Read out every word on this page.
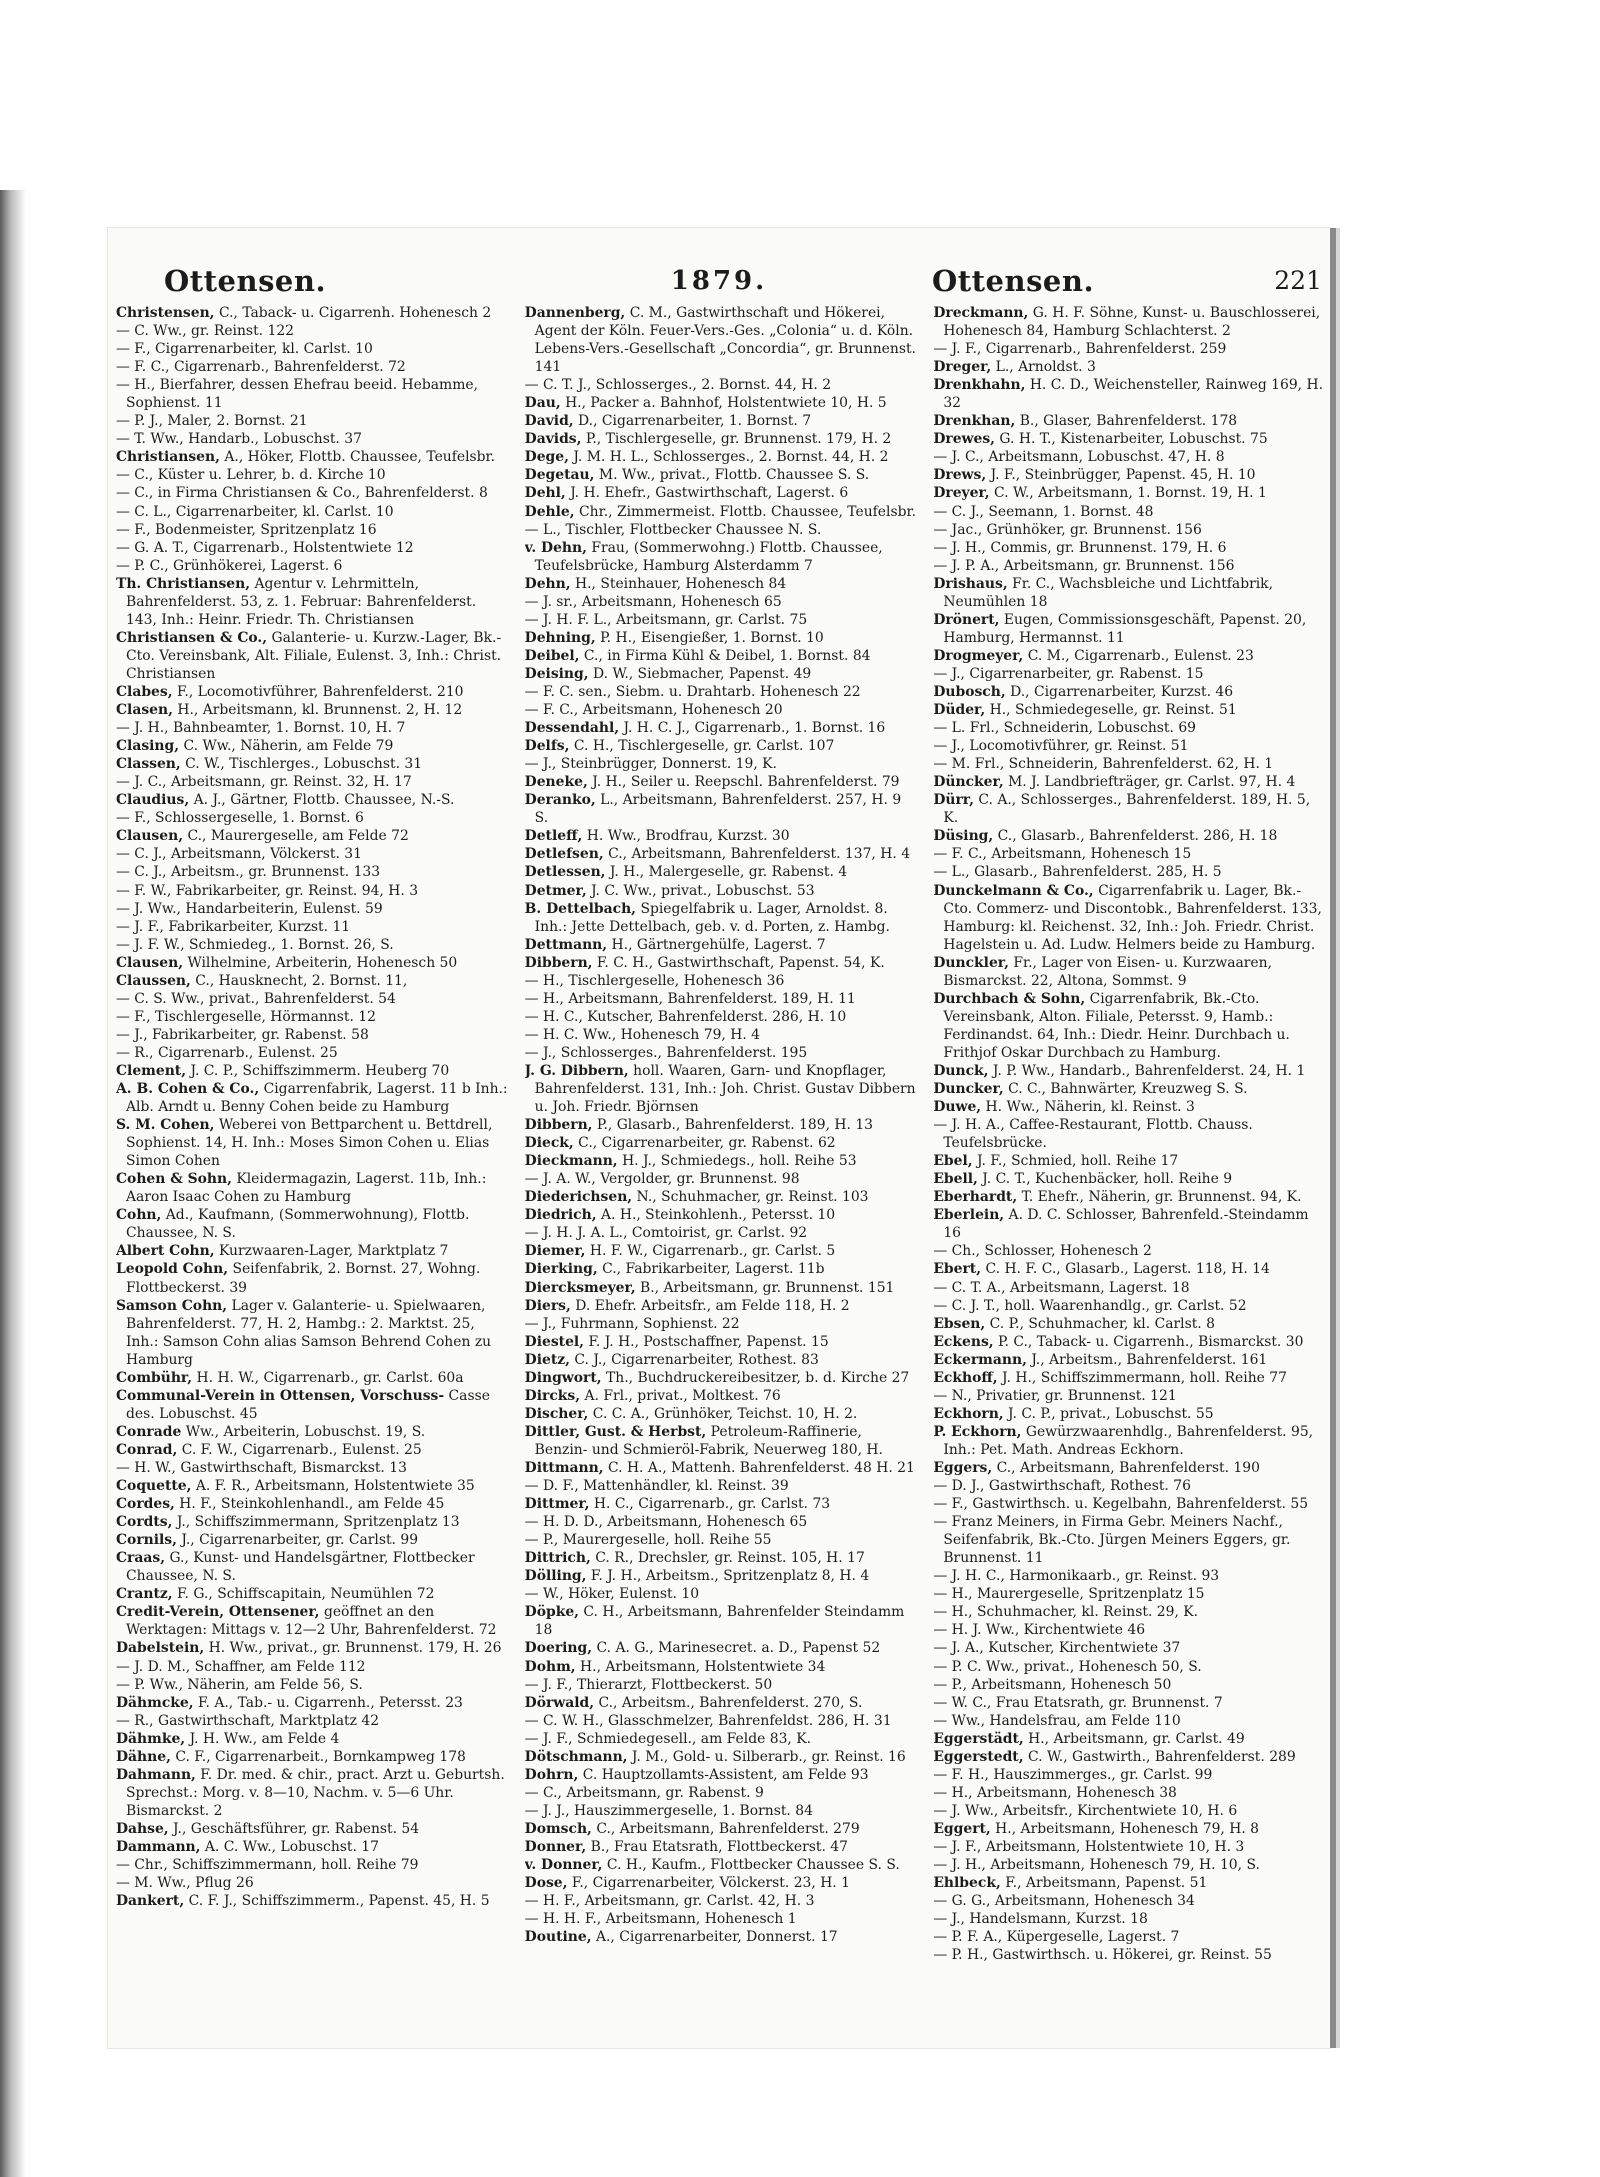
Ottensen.	1879.	Ottensen.	221

Christensen, C., Taback- u. Cigarrenh. Hohenesch 2

— C. Ww., gr. Reinst. 122

— F., Cigarrenarbeiter, kl. Carlst. 10

— F. C., Cigarrenarb., Bahrenfelderst. 72

— H., Bierfahrer, dessen Ehefrau beeid. Hebamme, Sophienst. 11

— P. J., Maler, 2. Bornst. 21

— T. Ww., Handarb., Lobuschst. 37

Christiansen, A., Höker, Flottb. Chaussee, Teufelsbr.

— C., Küster u. Lehrer, b. d. Kirche 10

— C., in Firma Christiansen & Co., Bahrenfelderst. 8

— C. L., Cigarrenarbeiter, kl. Carlst. 10

— F., Bodenmeister, Spritzenplatz 16

— G. A. T., Cigarrenarb., Holstentwiete 12

— P. C., Grünhökerei, Lagerst. 6

Th. Christiansen, Agentur v. Lehrmitteln, Bahrenfelderst. 53, z. 1. Februar: Bahrenfelderst. 143, Inh.: Heinr. Friedr. Th. Christiansen

Christiansen & Co., Galanterie- u. Kurzw.-Lager, Bk.-Cto. Vereinsbank, Alt. Filiale, Eulenst. 3, Inh.: Christ. Christiansen

Clabes, F., Locomotivführer, Bahrenfelderst. 210

Clasen, H., Arbeitsmann, kl. Brunnenst. 2, H. 12

— J. H., Bahnbeamter, 1. Bornst. 10, H. 7

Clasing, C. Ww., Näherin, am Felde 79

Classen, C. W., Tischlerges., Lobuschst. 31

— J. C., Arbeitsmann, gr. Reinst. 32, H. 17

Claudius, A. J., Gärtner, Flottb. Chaussee, N.-S.

— F., Schlossergeselle, 1. Bornst. 6

Clausen, C., Maurergeselle, am Felde 72

— C. J., Arbeitsmann, Völckerst. 31

— C. J., Arbeitsm., gr. Brunnenst. 133

— F. W., Fabrikarbeiter, gr. Reinst. 94, H. 3

— J. Ww., Handarbeiterin, Eulenst. 59

— J. F., Fabrikarbeiter, Kurzst. 11

— J. F. W., Schmiedeg., 1. Bornst. 26, S.

Clausen, Wilhelmine, Arbeiterin, Hohenesch 50

Claussen, C., Hausknecht, 2. Bornst. 11,

— C. S. Ww., privat., Bahrenfelderst. 54

— F., Tischlergeselle, Hörmannst. 12

— J., Fabrikarbeiter, gr. Rabenst. 58

— R., Cigarrenarb., Eulenst. 25

Clement, J. C. P., Schiffszimmerm. Heuberg 70

A. B. Cohen & Co., Cigarrenfabrik, Lagerst. 11 b Inh.: Alb. Arndt u. Benny Cohen beide zu Hamburg

S. M. Cohen, Weberei von Bettparchent u. Bettdrell, Sophienst. 14, H. Inh.: Moses Simon Cohen u. Elias Simon Cohen

Cohen & Sohn, Kleidermagazin, Lagerst. 11b, Inh.: Aaron Isaac Cohen zu Hamburg

Cohn, Ad., Kaufmann, (Sommerwohnung), Flottb. Chaussee, N. S.

Albert Cohn, Kurzwaaren-Lager, Marktplatz 7

Leopold Cohn, Seifenfabrik, 2. Bornst. 27, Wohng. Flottbeckerst. 39

Samson Cohn, Lager v. Galanterie- u. Spielwaaren, Bahrenfelderst. 77, H. 2, Hambg.: 2. Marktst. 25, Inh.: Samson Cohn alias Samson Behrend Cohen zu Hamburg

Combühr, H. H. W., Cigarrenarb., gr. Carlst. 60a

Communal-Verein in Ottensen, Vorschuss- Casse des. Lobuschst. 45

Conrade Ww., Arbeiterin, Lobuschst. 19, S.

Conrad, C. F. W., Cigarrenarb., Eulenst. 25

— H. W., Gastwirthschaft, Bismarckst. 13

Coquette, A. F. R., Arbeitsmann, Holstentwiete 35

Cordes, H. F., Steinkohlenhandl., am Felde 45

Cordts, J., Schiffszimmermann, Spritzenplatz 13

Cornils, J., Cigarrenarbeiter, gr. Carlst. 99

Craas, G., Kunst- und Handelsgärtner, Flottbecker Chaussee, N. S.

Crantz, F. G., Schiffscapitain, Neumühlen 72

Credit-Verein, Ottensener, geöffnet an den Werktagen: Mittags v. 12—2 Uhr, Bahrenfelderst. 72

Dabelstein, H. Ww., privat., gr. Brunnenst. 179, H. 26

— J. D. M., Schaffner, am Felde 112

— P. Ww., Näherin, am Felde 56, S.

Dähmcke, F. A., Tab.- u. Cigarrenh., Petersst. 23

— R., Gastwirthschaft, Marktplatz 42

Dähmke, J. H. Ww., am Felde 4

Dähne, C. F., Cigarrenarbeit., Bornkampweg 178

Dahmann, F. Dr. med. & chir., pract. Arzt u. Geburtsh. Sprechst.: Morg. v. 8—10, Nachm. v. 5—6 Uhr. Bismarckst. 2

Dahse, J., Geschäftsführer, gr. Rabenst. 54

Dammann, A. C. Ww., Lobuschst. 17

— Chr., Schiffszimmermann, holl. Reihe 79

— M. Ww., Pflug 26

Dankert, C. F. J., Schiffszimmerm., Papenst. 45, H. 5

Dannenberg, C. M., Gastwirthschaft und Hökerei, Agent der Köln. Feuer-Vers.-Ges. „Colonia“ u. d. Köln. Lebens-Vers.-Gesellschaft „Concordia“, gr. Brunnenst. 141

— C. T. J., Schlosserges., 2. Bornst. 44, H. 2

Dau, H., Packer a. Bahnhof, Holstentwiete 10, H. 5

David, D., Cigarrenarbeiter, 1. Bornst. 7

Davids, P., Tischlergeselle, gr. Brunnenst. 179, H. 2

Dege, J. M. H. L., Schlosserges., 2. Bornst. 44, H. 2

Degetau, M. Ww., privat., Flottb. Chaussee S. S.

Dehl, J. H. Ehefr., Gastwirthschaft, Lagerst. 6

Dehle, Chr., Zimmermeist. Flottb. Chaussee, Teufelsbr.

— L., Tischler, Flottbecker Chaussee N. S.

v. Dehn, Frau, (Sommerwohng.) Flottb. Chaussee, Teufelsbrücke, Hamburg Alsterdamm 7

Dehn, H., Steinhauer, Hohenesch 84

— J. sr., Arbeitsmann, Hohenesch 65

— J. H. F. L., Arbeitsmann, gr. Carlst. 75

Dehning, P. H., Eisengießer, 1. Bornst. 10

Deibel, C., in Firma Kühl & Deibel, 1. Bornst. 84

Deising, D. W., Siebmacher, Papenst. 49

— F. C. sen., Siebm. u. Drahtarb. Hohenesch 22

— F. C., Arbeitsmann, Hohenesch 20

Dessendahl, J. H. C. J., Cigarrenarb., 1. Bornst. 16

Delfs, C. H., Tischlergeselle, gr. Carlst. 107

— J., Steinbrügger, Donnerst. 19, K.

Deneke, J. H., Seiler u. Reepschl. Bahrenfelderst. 79

Deranko, L., Arbeitsmann, Bahrenfelderst. 257, H. 9 S.

Detleff, H. Ww., Brodfrau, Kurzst. 30

Detlefsen, C., Arbeitsmann, Bahrenfelderst. 137, H. 4

Detlessen, J. H., Malergeselle, gr. Rabenst. 4

Detmer, J. C. Ww., privat., Lobuschst. 53

B. Dettelbach, Spiegelfabrik u. Lager, Arnoldst. 8. Inh.: Jette Dettelbach, geb. v. d. Porten, z. Hambg.

Dettmann, H., Gärtnergehülfe, Lagerst. 7

Dibbern, F. C. H., Gastwirthschaft, Papenst. 54, K.

— H., Tischlergeselle, Hohenesch 36

— H., Arbeitsmann, Bahrenfelderst. 189, H. 11

— H. C., Kutscher, Bahrenfelderst. 286, H. 10

— H. C. Ww., Hohenesch 79, H. 4

— J., Schlosserges., Bahrenfelderst. 195

J. G. Dibbern, holl. Waaren, Garn- und Knopflager, Bahrenfelderst. 131, Inh.: Joh. Christ. Gustav Dibbern u. Joh. Friedr. Björnsen

Dibbern, P., Glasarb., Bahrenfelderst. 189, H. 13

Dieck, C., Cigarrenarbeiter, gr. Rabenst. 62

Dieckmann, H. J., Schmiedegs., holl. Reihe 53

— J. A. W., Vergolder, gr. Brunnenst. 98

Diederichsen, N., Schuhmacher, gr. Reinst. 103

Diedrich, A. H., Steinkohlenh., Petersst. 10

— J. H. J. A. L., Comtoirist, gr. Carlst. 92

Diemer, H. F. W., Cigarrenarb., gr. Carlst. 5

Dierking, C., Fabrikarbeiter, Lagerst. 11b

Diercksmeyer, B., Arbeitsmann, gr. Brunnenst. 151

Diers, D. Ehefr. Arbeitsfr., am Felde 118, H. 2

— J., Fuhrmann, Sophienst. 22

Diestel, F. J. H., Postschaffner, Papenst. 15

Dietz, C. J., Cigarrenarbeiter, Rothest. 83

Dingwort, Th., Buchdruckereibesitzer, b. d. Kirche 27

Dircks, A. Frl., privat., Moltkest. 76

Discher, C. C. A., Grünhöker, Teichst. 10, H. 2.

Dittler, Gust. & Herbst, Petroleum-Raffinerie, Benzin- und Schmieröl-Fabrik, Neuerweg 180, H.

Dittmann, C. H. A., Mattenh. Bahrenfelderst. 48 H. 21

— D. F., Mattenhändler, kl. Reinst. 39

Dittmer, H. C., Cigarrenarb., gr. Carlst. 73

— H. D. D., Arbeitsmann, Hohenesch 65

— P., Maurergeselle, holl. Reihe 55

Dittrich, C. R., Drechsler, gr. Reinst. 105, H. 17

Dölling, F. J. H., Arbeitsm., Spritzenplatz 8, H. 4

— W., Höker, Eulenst. 10

Döpke, C. H., Arbeitsmann, Bahrenfelder Steindamm 18

Doering, C. A. G., Marinesecret. a. D., Papenst 52

Dohm, H., Arbeitsmann, Holstentwiete 34

— J. F., Thierarzt, Flottbeckerst. 50

Dörwald, C., Arbeitsm., Bahrenfelderst. 270, S.

— C. W. H., Glasschmelzer, Bahrenfeldst. 286, H. 31

— J. F., Schmiedegesell., am Felde 83, K.

Dötschmann, J. M., Gold- u. Silberarb., gr. Reinst. 16

Dohrn, C. Hauptzollamts-Assistent, am Felde 93

— C., Arbeitsmann, gr. Rabenst. 9

— J. J., Hauszimmergeselle, 1. Bornst. 84

Domsch, C., Arbeitsmann, Bahrenfelderst. 279

Donner, B., Frau Etatsrath, Flottbeckerst. 47

v. Donner, C. H., Kaufm., Flottbecker Chaussee S. S.

Dose, F., Cigarrenarbeiter, Völckerst. 23, H. 1

— H. F., Arbeitsmann, gr. Carlst. 42, H. 3

— H. H. F., Arbeitsmann, Hohenesch 1

Doutine, A., Cigarrenarbeiter, Donnerst. 17

Dreckmann, G. H. F. Söhne, Kunst- u. Bauschlosserei, Hohenesch 84, Hamburg Schlachterst. 2

— J. F., Cigarrenarb., Bahrenfelderst. 259

Dreger, L., Arnoldst. 3

Drenkhahn, H. C. D., Weichensteller, Rainweg 169, H. 32

Drenkhan, B., Glaser, Bahrenfelderst. 178

Drewes, G. H. T., Kistenarbeiter, Lobuschst. 75

— J. C., Arbeitsmann, Lobuschst. 47, H. 8

Drews, J. F., Steinbrügger, Papenst. 45, H. 10

Dreyer, C. W., Arbeitsmann, 1. Bornst. 19, H. 1

— C. J., Seemann, 1. Bornst. 48

— Jac., Grünhöker, gr. Brunnenst. 156

— J. H., Commis, gr. Brunnenst. 179, H. 6

— J. P. A., Arbeitsmann, gr. Brunnenst. 156

Drishaus, Fr. C., Wachsbleiche und Lichtfabrik, Neumühlen 18

Drönert, Eugen, Commissionsgeschäft, Papenst. 20, Hamburg, Hermannst. 11

Drogmeyer, C. M., Cigarrenarb., Eulenst. 23

— J., Cigarrenarbeiter, gr. Rabenst. 15

Dubosch, D., Cigarrenarbeiter, Kurzst. 46

Düder, H., Schmiedegeselle, gr. Reinst. 51

— L. Frl., Schneiderin, Lobuschst. 69

— J., Locomotivführer, gr. Reinst. 51

— M. Frl., Schneiderin, Bahrenfelderst. 62, H. 1

Düncker, M. J. Landbriefträger, gr. Carlst. 97, H. 4

Dürr, C. A., Schlosserges., Bahrenfelderst. 189, H. 5, K.

Düsing, C., Glasarb., Bahrenfelderst. 286, H. 18

— F. C., Arbeitsmann, Hohenesch 15

— L., Glasarb., Bahrenfelderst. 285, H. 5

Dunckelmann & Co., Cigarrenfabrik u. Lager, Bk.-Cto. Commerz- und Discontobk., Bahrenfelderst. 133, Hamburg: kl. Reichenst. 32, Inh.: Joh. Friedr. Christ. Hagelstein u. Ad. Ludw. Helmers beide zu Hamburg.

Dunckler, Fr., Lager von Eisen- u. Kurzwaaren, Bismarckst. 22, Altona, Sommst. 9

Durchbach & Sohn, Cigarrenfabrik, Bk.-Cto. Vereinsbank, Alton. Filiale, Petersst. 9, Hamb.: Ferdinandst. 64, Inh.: Diedr. Heinr. Durchbach u. Frithjof Oskar Durchbach zu Hamburg.

Dunck, J. P. Ww., Handarb., Bahrenfelderst. 24, H. 1

Duncker, C. C., Bahnwärter, Kreuzweg S. S.

Duwe, H. Ww., Näherin, kl. Reinst. 3

— J. H. A., Caffee-Restaurant, Flottb. Chauss. Teufelsbrücke.

Ebel, J. F., Schmied, holl. Reihe 17

Ebell, J. C. T., Kuchenbäcker, holl. Reihe 9

Eberhardt, T. Ehefr., Näherin, gr. Brunnenst. 94, K.

Eberlein, A. D. C. Schlosser, Bahrenfeld.-Steindamm 16

— Ch., Schlosser, Hohenesch 2

Ebert, C. H. F. C., Glasarb., Lagerst. 118, H. 14

— C. T. A., Arbeitsmann, Lagerst. 18

— C. J. T., holl. Waarenhandlg., gr. Carlst. 52

Ebsen, C. P., Schuhmacher, kl. Carlst. 8

Eckens, P. C., Taback- u. Cigarrenh., Bismarckst. 30

Eckermann, J., Arbeitsm., Bahrenfelderst. 161

Eckhoff, J. H., Schiffszimmermann, holl. Reihe 77

— N., Privatier, gr. Brunnenst. 121

Eckhorn, J. C. P., privat., Lobuschst. 55

P. Eckhorn, Gewürzwaarenhdlg., Bahrenfelderst. 95, Inh.: Pet. Math. Andreas Eckhorn.

Eggers, C., Arbeitsmann, Bahrenfelderst. 190

— D. J., Gastwirthschaft, Rothest. 76

— F., Gastwirthsch. u. Kegelbahn, Bahrenfelderst. 55

— Franz Meiners, in Firma Gebr. Meiners Nachf., Seifenfabrik, Bk.-Cto. Jürgen Meiners Eggers, gr. Brunnenst. 11

— J. H. C., Harmonikaarb., gr. Reinst. 93

— H., Maurergeselle, Spritzenplatz 15

— H., Schuhmacher, kl. Reinst. 29, K.

— H. J. Ww., Kirchentwiete 46

— J. A., Kutscher, Kirchentwiete 37

— P. C. Ww., privat., Hohenesch 50, S.

— P., Arbeitsmann, Hohenesch 50

— W. C., Frau Etatsrath, gr. Brunnenst. 7

— Ww., Handelsfrau, am Felde 110

Eggerstädt, H., Arbeitsmann, gr. Carlst. 49

Eggerstedt, C. W., Gastwirth., Bahrenfelderst. 289

— F. H., Hauszimmerges., gr. Carlst. 99

— H., Arbeitsmann, Hohenesch 38

— J. Ww., Arbeitsfr., Kirchentwiete 10, H. 6

Eggert, H., Arbeitsmann, Hohenesch 79, H. 8

— J. F., Arbeitsmann, Holstentwiete 10, H. 3

— J. H., Arbeitsmann, Hohenesch 79, H. 10, S.

Ehlbeck, F., Arbeitsmann, Papenst. 51

— G. G., Arbeitsmann, Hohenesch 34

— J., Handelsmann, Kurzst. 18

— P. F. A., Küpergeselle, Lagerst. 7

— P. H., Gastwirthsch. u. Hökerei, gr. Reinst. 55
